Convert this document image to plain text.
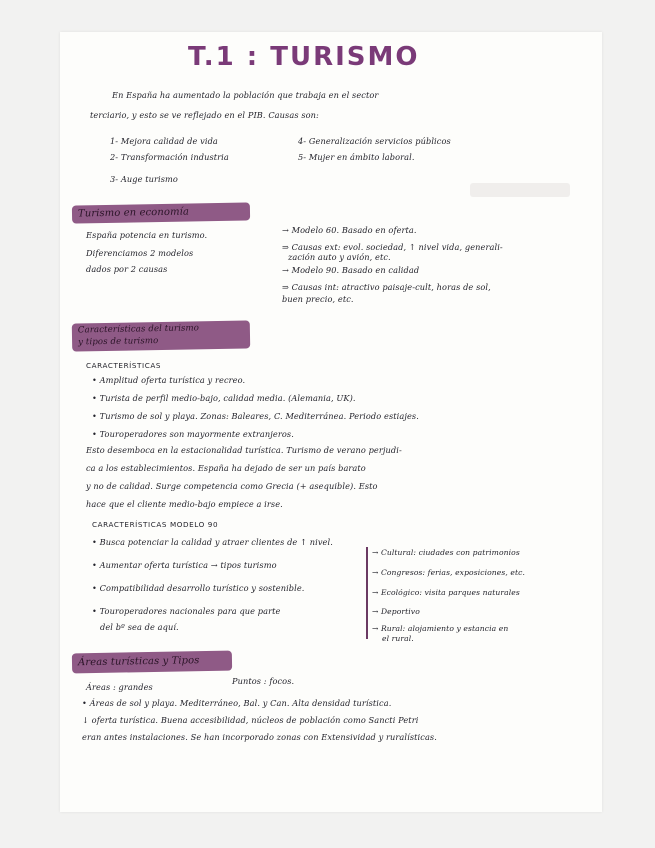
T.1 : TURISMO
En España ha aumentado la población que trabaja en el sector
terciario, y esto se ve reflejado en el PIB. Causas son:
1- Mejora calidad de vida
2- Transformación industria
3- Auge turismo
4- Generalización servicios públicos
5- Mujer en ámbito laboral.
Turismo en economía
España potencia en turismo.
Diferenciamos 2 modelos
dados por 2 causas
→ Modelo 60. Basado en oferta.
⇒ Causas ext: evol. sociedad, ↑ nivel vida, generali-
zación auto y avión, etc.
→ Modelo 90. Basado en calidad
⇒ Causas int: atractivo paisaje-cult, horas de sol,
buen precio, etc.
Características del turismo
y tipos de turismo
CARACTERÍSTICAS
• Amplitud oferta turística y recreo.
• Turista de perfil medio-bajo, calidad media. (Alemania, UK).
• Turismo de sol y playa. Zonas: Baleares, C. Mediterránea. Periodo estiajes.
• Touroperadores son mayormente extranjeros.
Esto desemboca en la estacionalidad turística. Turismo de verano perjudi-
ca a los establecimientos. España ha dejado de ser un país barato
y no de calidad. Surge competencia como Grecia (+ asequible). Esto
hace que el cliente medio-bajo empiece a irse.
CARACTERÍSTICAS MODELO 90
• Busca potenciar la calidad y atraer clientes de ↑ nivel.
• Aumentar oferta turística → tipos turismo
• Compatibilidad desarrollo turístico y sostenible.
• Touroperadores nacionales para que parte
del bº sea de aquí.
→ Cultural: ciudades con patrimonios
→ Congresos: ferias, exposiciones, etc.
→ Ecológico: visita parques naturales
→ Deportivo
→ Rural: alojamiento y estancia en
el rural.
Áreas turísticas y Tipos
Áreas : grandes
Puntos : focos.
• Áreas de sol y playa. Mediterráneo, Bal. y Can. Alta densidad turística.
↓ oferta turística. Buena accesibilidad, núcleos de población como Sancti Petri
eran antes instalaciones. Se han incorporado zonas con Extensividad y ruralísticas.
